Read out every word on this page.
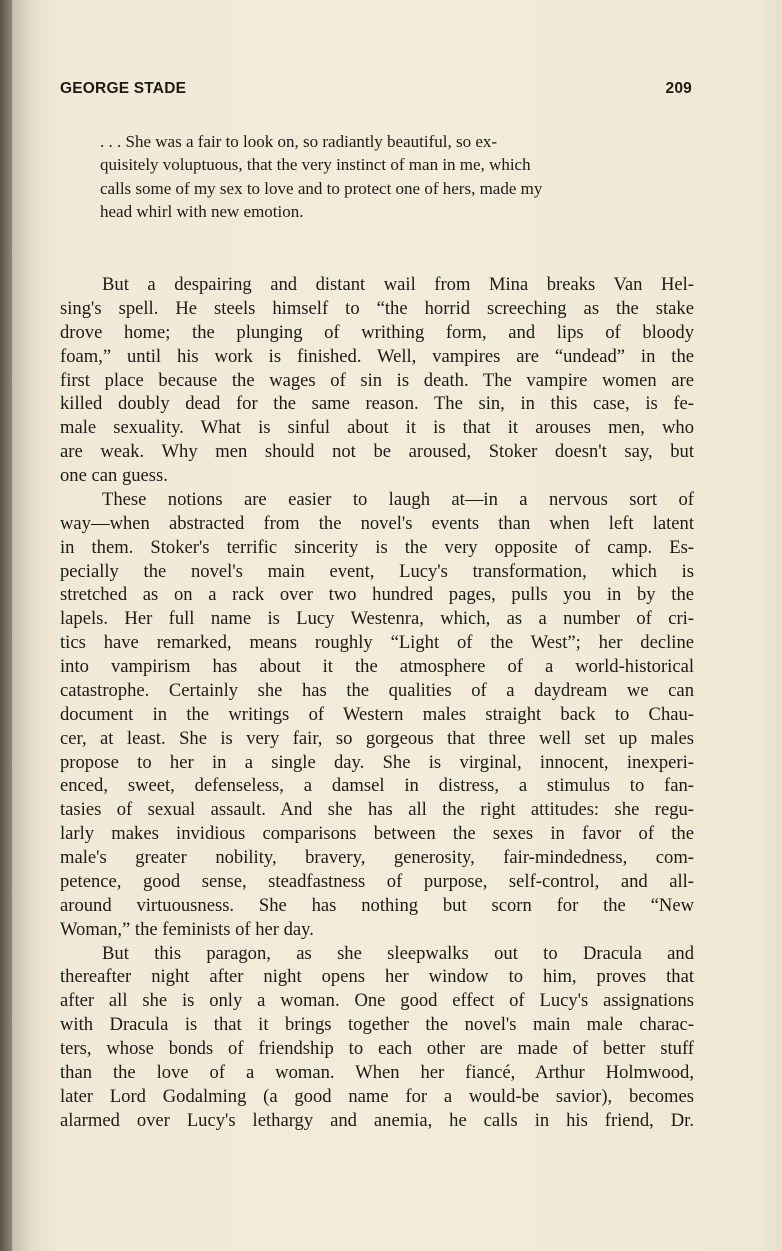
GEORGE STADE	209
. . . She was a fair to look on, so radiantly beautiful, so ex-
quisitely voluptuous, that the very instinct of man in me, which
calls some of my sex to love and to protect one of hers, made my
head whirl with new emotion.
But a despairing and distant wail from Mina breaks Van Hel-
sing's spell. He steels himself to “the horrid screeching as the stake
drove home; the plunging of writhing form, and lips of bloody
foam,” until his work is finished. Well, vampires are “undead” in the
first place because the wages of sin is death. The vampire women are
killed doubly dead for the same reason. The sin, in this case, is fe-
male sexuality. What is sinful about it is that it arouses men, who
are weak. Why men should not be aroused, Stoker doesn't say, but
one can guess.
These notions are easier to laugh at—in a nervous sort of
way—when abstracted from the novel's events than when left latent
in them. Stoker's terrific sincerity is the very opposite of camp. Es-
pecially the novel's main event, Lucy's transformation, which is
stretched as on a rack over two hundred pages, pulls you in by the
lapels. Her full name is Lucy Westenra, which, as a number of cri-
tics have remarked, means roughly “Light of the West”; her decline
into vampirism has about it the atmosphere of a world-historical
catastrophe. Certainly she has the qualities of a daydream we can
document in the writings of Western males straight back to Chau-
cer, at least. She is very fair, so gorgeous that three well set up males
propose to her in a single day. She is virginal, innocent, inexperi-
enced, sweet, defenseless, a damsel in distress, a stimulus to fan-
tasies of sexual assault. And she has all the right attitudes: she regu-
larly makes invidious comparisons between the sexes in favor of the
male's greater nobility, bravery, generosity, fair-mindedness, com-
petence, good sense, steadfastness of purpose, self-control, and all-
around virtuousness. She has nothing but scorn for the “New
Woman,” the feminists of her day.
But this paragon, as she sleepwalks out to Dracula and
thereafter night after night opens her window to him, proves that
after all she is only a woman. One good effect of Lucy's assignations
with Dracula is that it brings together the novel's main male charac-
ters, whose bonds of friendship to each other are made of better stuff
than the love of a woman. When her fiancé, Arthur Holmwood,
later Lord Godalming (a good name for a would-be savior), becomes
alarmed over Lucy's lethargy and anemia, he calls in his friend, Dr.
